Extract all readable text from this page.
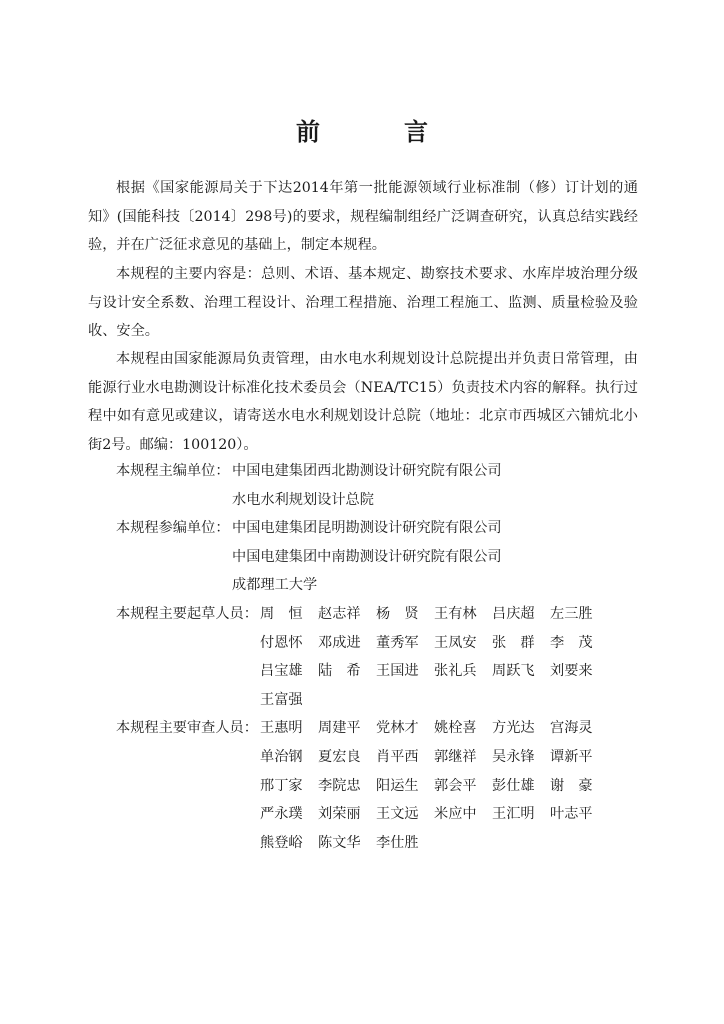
前　言

根据《国家能源局关于下达2014年第一批能源领域行业标准制（修）订计划的通知》(国能科技〔2014〕298号)的要求，规程编制组经广泛调查研究，认真总结实践经验，并在广泛征求意见的基础上，制定本规程。

本规程的主要内容是：总则、术语、基本规定、勘察技术要求、水库岸坡治理分级与设计安全系数、治理工程设计、治理工程措施、治理工程施工、监测、质量检验及验收、安全。

本规程由国家能源局负责管理，由水电水利规划设计总院提出并负责日常管理，由能源行业水电勘测设计标准化技术委员会（NEA/TC15）负责技术内容的解释。执行过程中如有意见或建议，请寄送水电水利规划设计总院（地址：北京市西城区六铺炕北小街2号。邮编：100120）。

本规程主编单位： 中国电建集团西北勘测设计研究院有限公司
水电水利规划设计总院
本规程参编单位： 中国电建集团昆明勘测设计研究院有限公司
中国电建集团中南勘测设计研究院有限公司
成都理工大学
本规程主要起草人员： 周　恒	赵志祥	杨　贤	王有林	吕庆超	左三胜
付恩怀	邓成进	董秀军	王凤安	张　群	李　茂
吕宝雄	陆　希	王国进	张礼兵	周跃飞	刘要来
王富强
本规程主要审查人员： 王惠明	周建平	党林才	姚栓喜	方光达	宫海灵
单治钢	夏宏良	肖平西	郭继祥	吴永锋	谭新平
邢丁家	李院忠	阳运生	郭会平	彭仕雄	谢　豪
严永璞	刘荣丽	王文远	米应中	王汇明	叶志平
熊登峪	陈文华	李仕胜
